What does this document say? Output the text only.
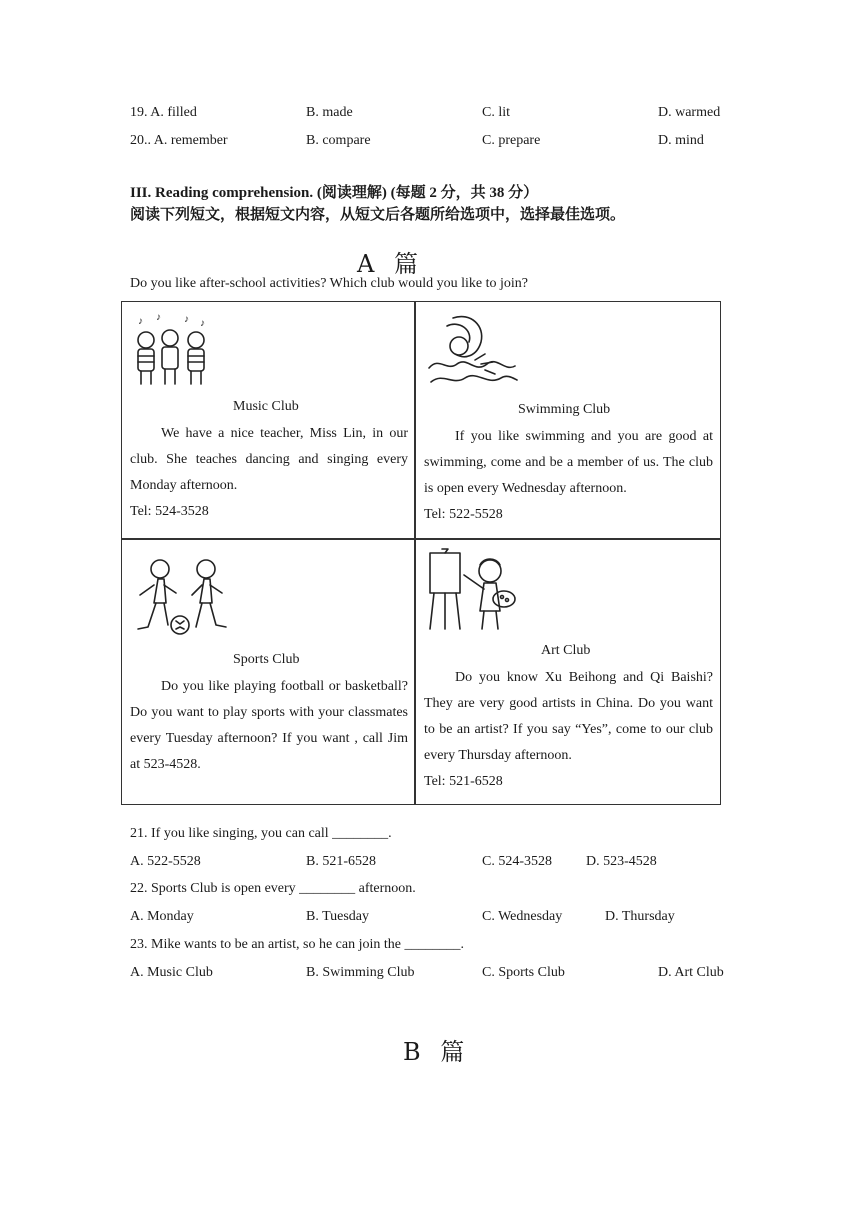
19. A. filled	B. made	C. lit	D. warmed
20.. A. remember	B. compare	C. prepare	D. mind
III. Reading comprehension. (阅读理解) (每题 2 分，共 38 分）
阅读下列短文，根据短文内容，从短文后各题所给选项中，选择最佳选项。
A 篇
Do you like after-school activities? Which club would you like to join?
♪ ♪ ♪ ♪
Music Club
We have a nice teacher, Miss Lin, in our club. She teaches dancing and singing every Monday afternoon.
Tel: 524-3528
Swimming Club
If you like swimming and you are good at swimming, come and be a member of us. The club is open every Wednesday afternoon.
Tel: 522-5528
Sports Club
Do you like playing football or basketball? Do you want to play sports with your classmates every Tuesday afternoon? If you want , call Jim at 523-4528.
Art Club
Do you know Xu Beihong and Qi Baishi? They are very good artists in China. Do you want to be an artist? If you say “Yes”, come to our club every Thursday afternoon.
Tel: 521-6528
21. If you like singing, you can call ________.
A. 522-5528	B. 521-6528	C. 524-3528 D. 523-4528
22. Sports Club is open every ________ afternoon.
A. Monday	B. Tuesday	C. Wednesday	D. Thursday
23. Mike wants to be an artist, so he can join the ________.
A. Music Club	B. Swimming Club	C. Sports Club	D. Art Club
B 篇
